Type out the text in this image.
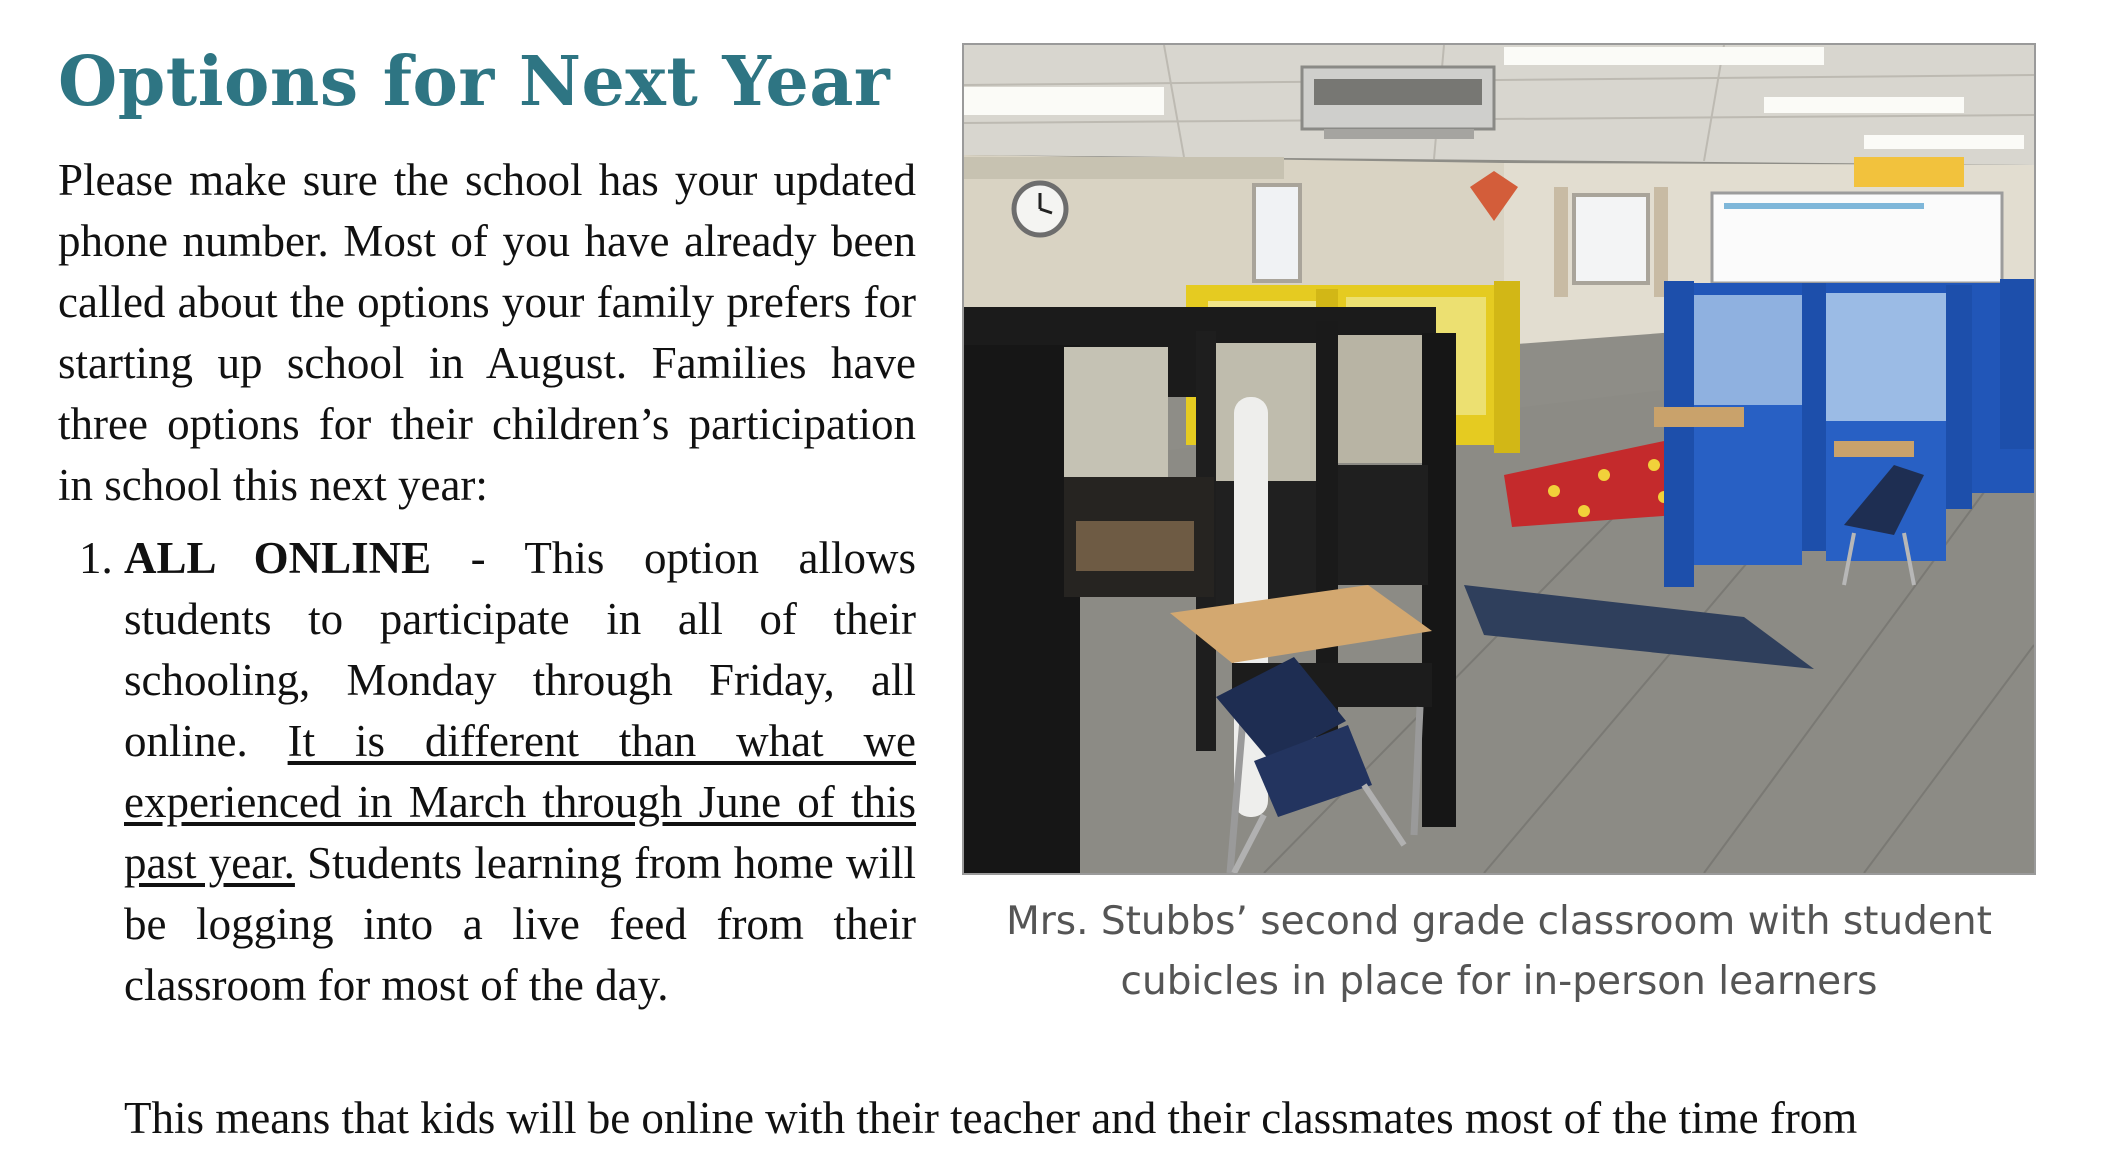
Options for Next Year

Please make sure the school has your updated phone number. Most of you have already been called about the options your family prefers for starting up school in August. Families have three options for their children’s participation in school this next year:

1. ALL ONLINE - This option allows students to participate in all of their schooling, Monday through Friday, all online. It is different than what we experienced in March through June of this past year. Students learning from home will be logging into a live feed from their classroom for most of the day.

This means that kids will be online with their teacher and their classmates most of the time from

Mrs. Stubbs’ second grade classroom with student cubicles in place for in-person learners
